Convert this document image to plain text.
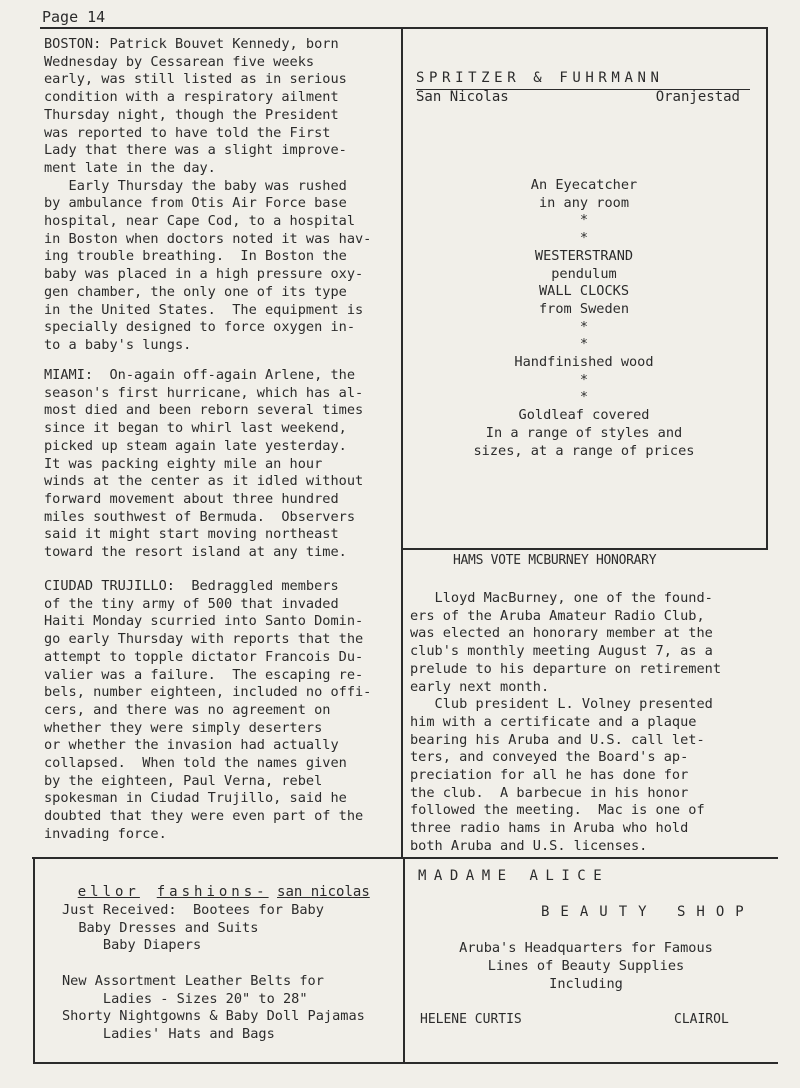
Page 14
BOSTON: Patrick Bouvet Kennedy, born
Wednesday by Cessarean five weeks
early, was still listed as in serious
condition with a respiratory ailment
Thursday night, though the President
was reported to have told the First
Lady that there was a slight improve-
ment late in the day.
Early Thursday the baby was rushed
by ambulance from Otis Air Force base
hospital, near Cape Cod, to a hospital
in Boston when doctors noted it was hav-
ing trouble breathing.  In Boston the
baby was placed in a high pressure oxy-
gen chamber, the only one of its type
in the United States.  The equipment is
specially designed to force oxygen in-
to a baby's lungs.
MIAMI:  On-again off-again Arlene, the
season's first hurricane, which has al-
most died and been reborn several times
since it began to whirl last weekend,
picked up steam again late yesterday.
It was packing eighty mile an hour
winds at the center as it idled without
forward movement about three hundred
miles southwest of Bermuda.  Observers
said it might start moving northeast
toward the resort island at any time.
CIUDAD TRUJILLO:  Bedraggled members
of the tiny army of 500 that invaded
Haiti Monday scurried into Santo Domin-
go early Thursday with reports that the
attempt to topple dictator Francois Du-
valier was a failure.  The escaping re-
bels, number eighteen, included no offi-
cers, and there was no agreement on
whether they were simply deserters
or whether the invasion had actually
collapsed.  When told the names given
by the eighteen, Paul Verna, rebel
spokesman in Ciudad Trujillo, said he
doubted that they were even part of the
invading force.
SPRITZER & FUHRMANN
San Nicolas	Oranjestad
An Eyecatcher
in any room
*
*
WESTERSTRAND
pendulum
WALL CLOCKS
from Sweden
*
*
Handfinished wood
*
*
Goldleaf covered
In a range of styles and
sizes, at a range of prices
HAMS VOTE MCBURNEY HONORARY
Lloyd MacBurney, one of the found-
ers of the Aruba Amateur Radio Club,
was elected an honorary member at the
club's monthly meeting August 7, as a
prelude to his departure on retirement
early next month.
Club president L. Volney presented
him with a certificate and a plaque
bearing his Aruba and U.S. call let-
ters, and conveyed the Board's ap-
preciation for all he has done for
the club.  A barbecue in his honor
followed the meeting.  Mac is one of
three radio hams in Aruba who hold
both Aruba and U.S. licenses.

ellor fashions- san nicolas

Just Received:  Bootees for Baby
Baby Dresses and Suits
Baby Diapers

New Assortment Leather Belts for
Ladies - Sizes 20" to 28"
Shorty Nightgowns & Baby Doll Pajamas
Ladies' Hats and Bags
MADAME ALICE
BEAUTY SHOP
Aruba's Headquarters for Famous
Lines of Beauty Supplies
Including
HELENE CURTIS	CLAIROL
